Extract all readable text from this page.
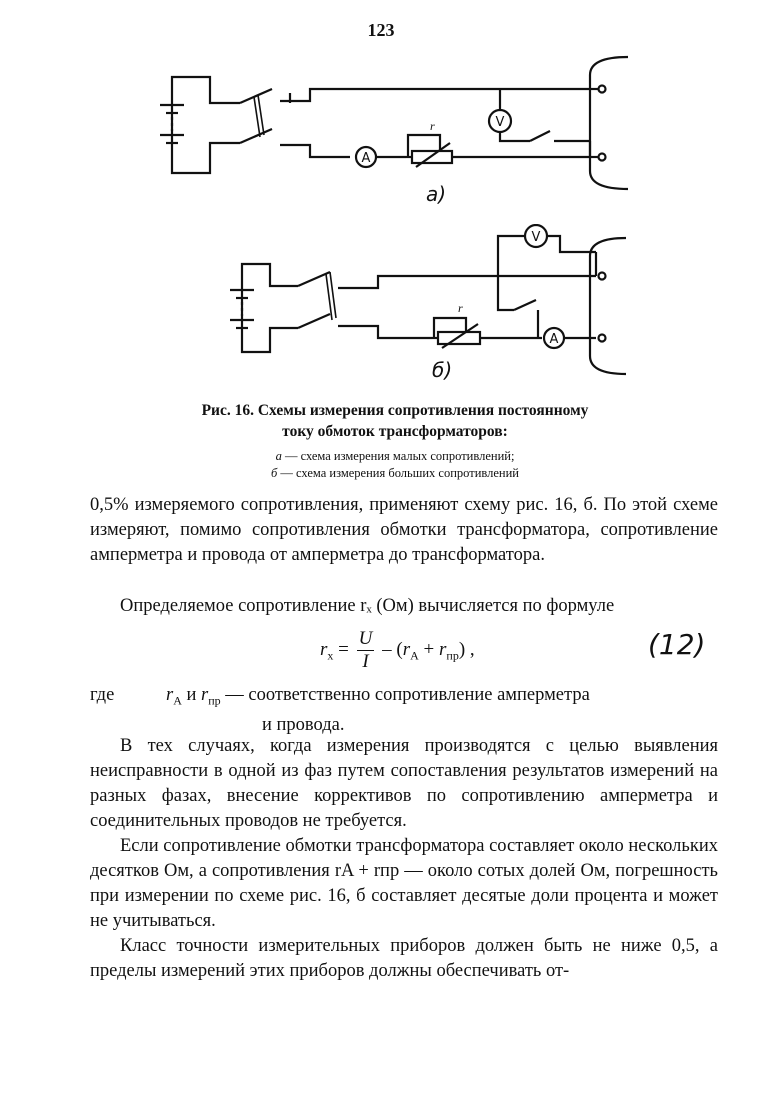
123
A
r	V
а)
r
A
V
б)
Рис. 16. Схемы измерения сопротивления постоянному
току обмоток трансформаторов:
а — схема измерения малых сопротивлений;
б — схема измерения больших сопротивлений

0,5% измеряемого сопротивления, применяют схему рис. 16, б. По этой схеме измеряют, помимо сопротивления обмотки трансформатора, сопротивление амперметра и провода от амперметра до трансформатора.

Определяемое сопротивление rₓ (Ом) вычисляется по формуле

$r_x = \frac{U}{I} - (r_A + r_{пр})$ ,	(12)
где	$r_A$ и $r_{пр}$ — соответственно сопротивление амперметра
и провода.

В тех случаях, когда измерения производятся с целью выявления неисправности в одной из фаз путем сопоставления результатов измерений на разных фазах, внесение коррективов по сопротивлению амперметра и соединительных проводов не требуется.

Если сопротивление обмотки трансформатора составляет около нескольких десятков Ом, а сопротивления rA + rпр — около сотых долей Ом, погрешность при измерении по схеме рис. 16, б составляет десятые доли процента и может не учитываться.

Класс точности измерительных приборов должен быть не ниже 0,5, а пределы измерений этих приборов должны обеспечивать от-
